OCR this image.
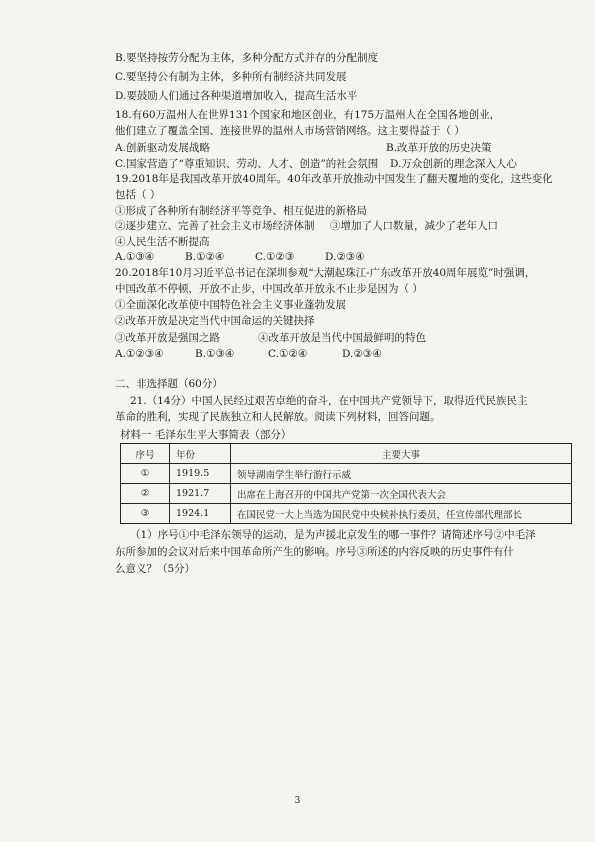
B.要坚持按劳分配为主体，多种分配方式并存的分配制度
C.要坚持公有制为主体，多种所有制经济共同发展
D.要鼓励人们通过各种渠道增加收入，提高生活水平
18.有60万温州人在世界131个国家和地区创业，有175万温州人在全国各地创业，
他们建立了覆盖全国、连接世界的温州人市场营销网络。这主要得益于（ ）
A.创新驱动发展战略	B.改革开放的历史决策
C.国家营造了“尊重知识、劳动、人才、创造”的社会氛围 D.万众创新的理念深入人心
19.2018年是我国改革开放40周年。40年改革开放推动中国发生了翻天覆地的变化，这些变化
包括（ ）
①形成了各种所有制经济平等竞争、相互促进的新格局
②逐步建立、完善了社会主义市场经济体制 ③增加了人口数量，减少了老年人口
④人民生活不断提高
A.①③④	B.①②④	C.①②③	D.②③④
20.2018年10月习近平总书记在深圳参观“大潮起珠江-广东改革开放40周年展览”时强调，
中国改革不停顿，开放不止步，中国改革开放永不止步是因为（ ）
①全面深化改革使中国特色社会主义事业蓬勃发展
②改革开放是决定当代中国命运的关键抉择
③改革开放是强国之路	④改革开放是当代中国最鲜明的特色
A.①②③④	B.①③④	C.①②④	D.②③④
二、非选择题（60分）
21.（14分）中国人民经过艰苦卓绝的奋斗，在中国共产党领导下，取得近代民族民主
革命的胜利，实现了民族独立和人民解放。阅读下列材料，回答问题。
材料一 毛泽东生平大事简表（部分）
序号	年份	主要大事
①	1919.5	领导湖南学生举行游行示威
②	1921.7	出席在上海召开的中国共产党第一次全国代表大会
③	1924.1	在国民党一大上当选为国民党中央候补执行委员，任宣传部代理部长
（1）序号①中毛泽东领导的运动，是为声援北京发生的哪一事件？请简述序号②中毛泽
东所参加的会议对后来中国革命所产生的影响。序号③所述的内容反映的历史事件有什
么意义？（5分）
3
